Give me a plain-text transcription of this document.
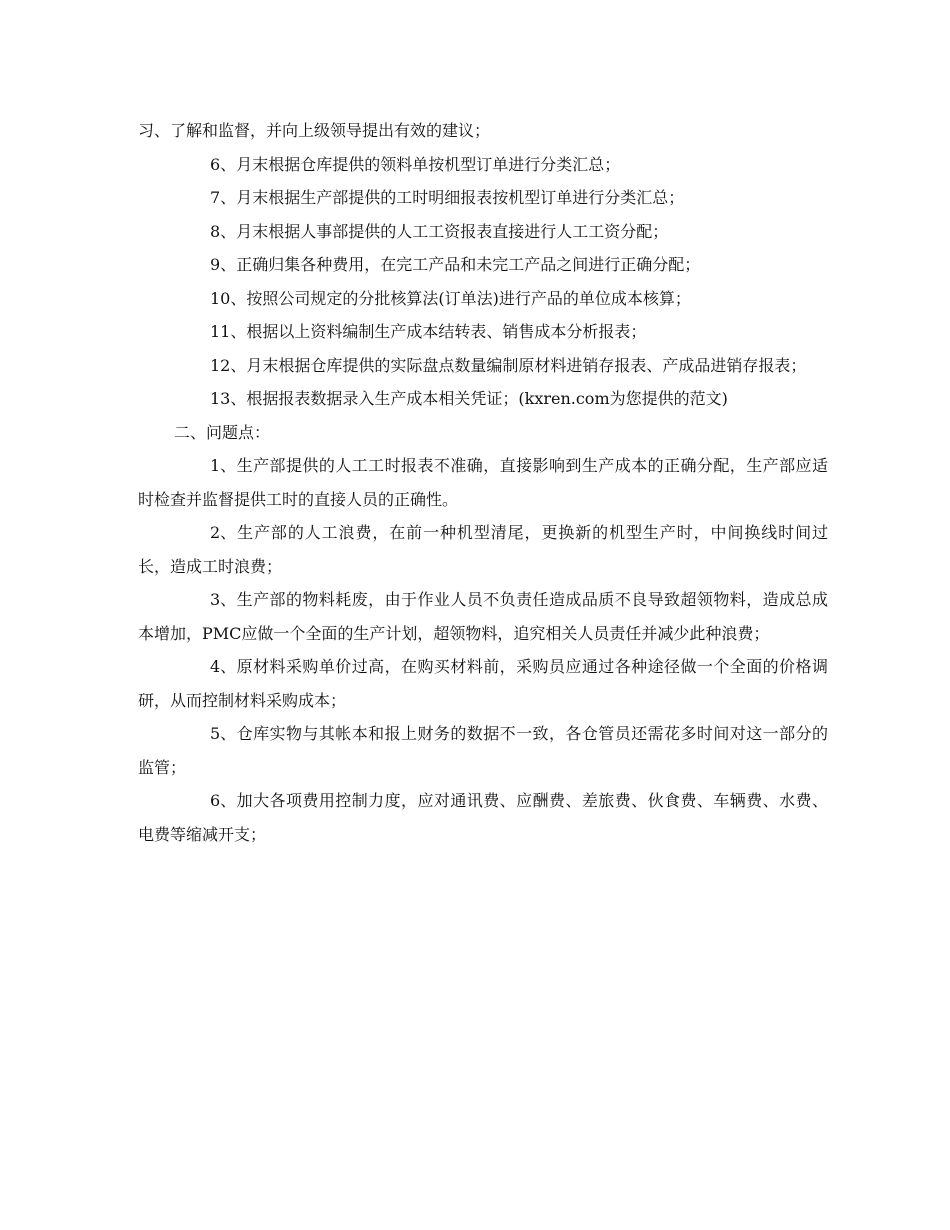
习、了解和监督，并向上级领导提出有效的建议；

6、月末根据仓库提供的领料单按机型订单进行分类汇总；

7、月末根据生产部提供的工时明细报表按机型订单进行分类汇总；

8、月末根据人事部提供的人工工资报表直接进行人工工资分配；

9、正确归集各种费用，在完工产品和未完工产品之间进行正确分配；

10、按照公司规定的分批核算法(订单法)进行产品的单位成本核算；

11、根据以上资料编制生产成本结转表、销售成本分析报表；

12、月末根据仓库提供的实际盘点数量编制原材料进销存报表、产成品进销存报表；

13、根据报表数据录入生产成本相关凭证；(kxren.com为您提供的范文)

二、问题点：

1、生产部提供的人工工时报表不准确，直接影响到生产成本的正确分配，生产部应适时检查并监督提供工时的直接人员的正确性。

2、生产部的人工浪费，在前一种机型清尾，更换新的机型生产时，中间换线时间过长，造成工时浪费；

3、生产部的物料耗废，由于作业人员不负责任造成品质不良导致超领物料，造成总成本增加，PMC应做一个全面的生产计划，超领物料，追究相关人员责任并减少此种浪费；

4、原材料采购单价过高，在购买材料前，采购员应通过各种途径做一个全面的价格调研，从而控制材料采购成本；

5、仓库实物与其帐本和报上财务的数据不一致，各仓管员还需花多时间对这一部分的监管；

6、加大各项费用控制力度，应对通讯费、应酬费、差旅费、伙食费、车辆费、水费、电费等缩减开支；
